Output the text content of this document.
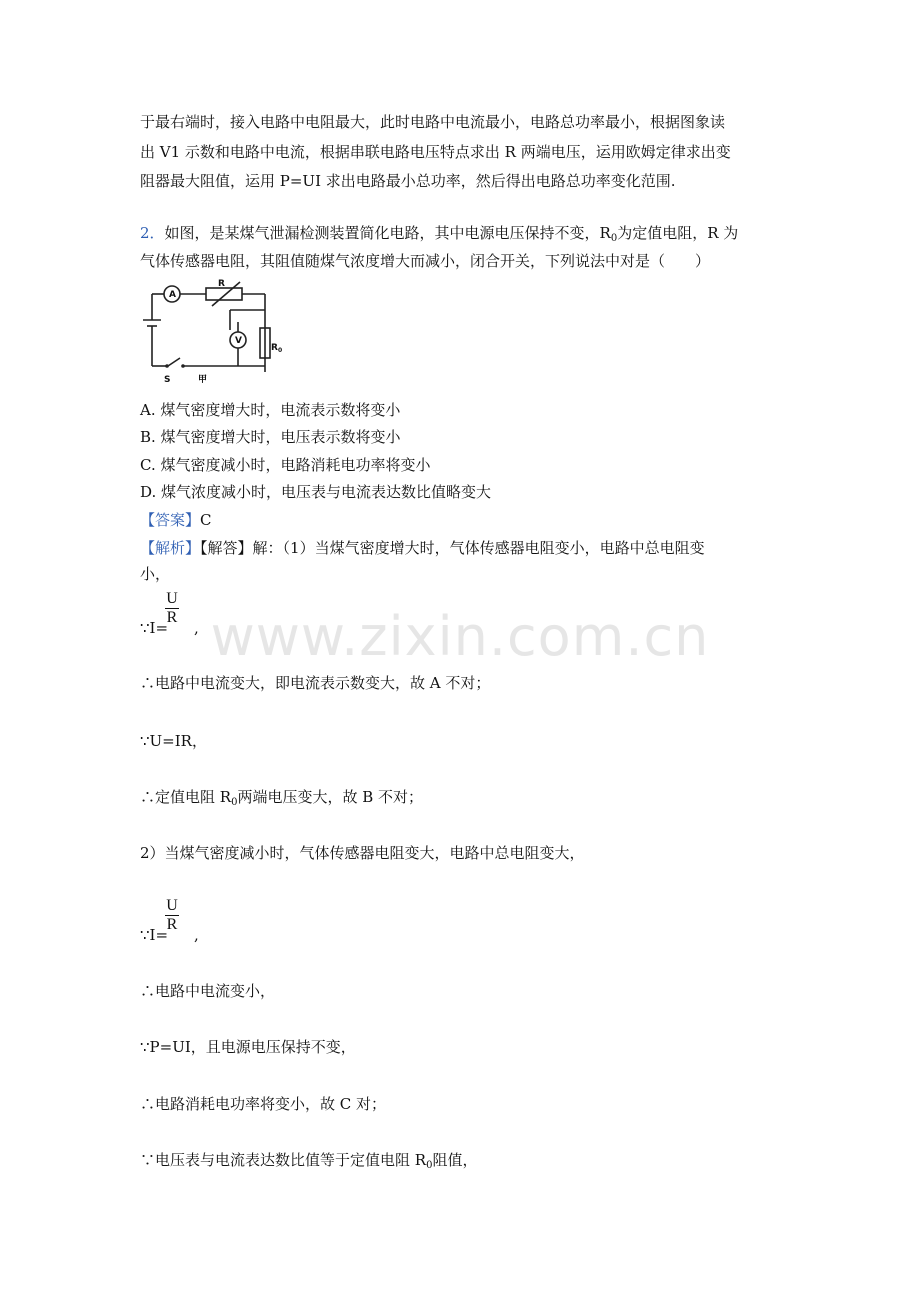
www.zixin.com.cn
于最右端时，接入电路中电阻最大，此时电路中电流最小，电路总功率最小，根据图象读
出 V1 示数和电路中电流，根据串联电路电压特点求出 R 两端电压，运用欧姆定律求出变
阻器最大阻值，运用 P=UI 求出电路最小总功率，然后得出电路总功率变化范围.
2．如图，是某煤气泄漏检测装置简化电路，其中电源电压保持不变，$R_0$为定值电阻，R 为
气体传感器电阻，其阻值随煤气浓度增大而减小，闭合开关，下列说法中对是（　　）
A
R
V
$R_0$
S	甲
A. 煤气密度增大时，电流表示数将变小
B. 煤气密度增大时，电压表示数将变小
C. 煤气密度减小时，电路消耗电功率将变小
D. 煤气浓度减小时，电压表与电流表达数比值略变大
【答案】C
【解析】【解答】解：（1）当煤气密度增大时，气体传感器电阻变小，电路中总电阻变
小，
$\frac{U}{R}$
∵I= ,
∴电路中电流变大，即电流表示数变大，故 A 不对；
∵U=IR，
∴定值电阻 $R_0$两端电压变大，故 B 不对；
2）当煤气密度减小时，气体传感器电阻变大，电路中总电阻变大，
$\frac{U}{R}$
∵I= ,
∴电路中电流变小，
∵P=UI，且电源电压保持不变，
∴电路消耗电功率将变小，故 C 对；
∵电压表与电流表达数比值等于定值电阻 $R_0$阻值，
